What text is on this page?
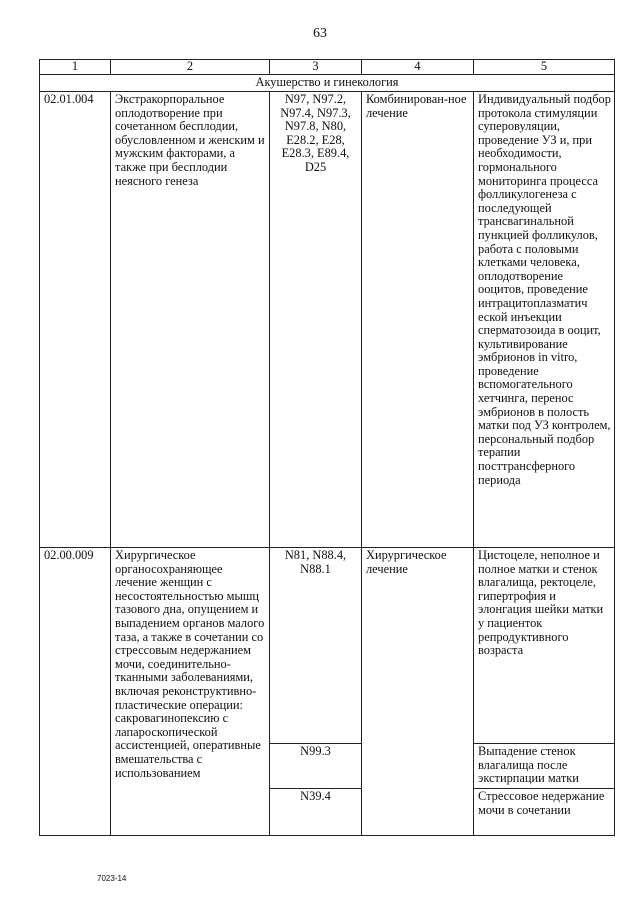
63
1	2	3	4	5
Акушерство и гинекология				
02.01.004	Экстракорпоральное оплодотворение при сочетанном бесплодии, обусловленном и женским и мужским факторами, а также при бесплодии неясного генеза	N97, N97.2, N97.4, N97.3, N97.8, N80, E28.2, E28, E28.3, E89.4, D25	Комбинирован-ное лечение	Индивидуальный подбор протокола стимуляции суперовуляции, проведение УЗ и, при необходимости, гормонального мониторинга процесса фолликулогенеза с последующей трансвагинальной пункцией фолликулов, работа с половыми клетками человека, оплодотворение ооцитов, проведение интрацитоплазматич еской инъекции сперматозоида в ооцит, культивирование эмбрионов in vitro, проведение вспомогательного хетчинга, перенос эмбрионов в полость матки под УЗ контролем, персональный подбор терапии посттрансферного периода
02.00.009	Хирургическое органосохраняющее лечение женщин с несостоятельностью мышц тазового дна, опущением и выпадением органов малого таза, а также в сочетании со стрессовым недержанием мочи, соединительно-тканными заболеваниями, включая реконструктивно-пластические операции: сакровагинопексию с лапароскопической ассистенцией, оперативные вмешательства с использованием	N81, N88.4, N88.1	Хирургическое лечение	Цистоцеле, неполное и полное матки и стенок влагалища, ректоцеле, гипертрофия и элонгация шейки матки у пациенток репродуктивного возраста
		N99.3		Выпадение стенок влагалища после экстирпации матки
		N39.4		Стрессовое недержание мочи в сочетании
7023-14
